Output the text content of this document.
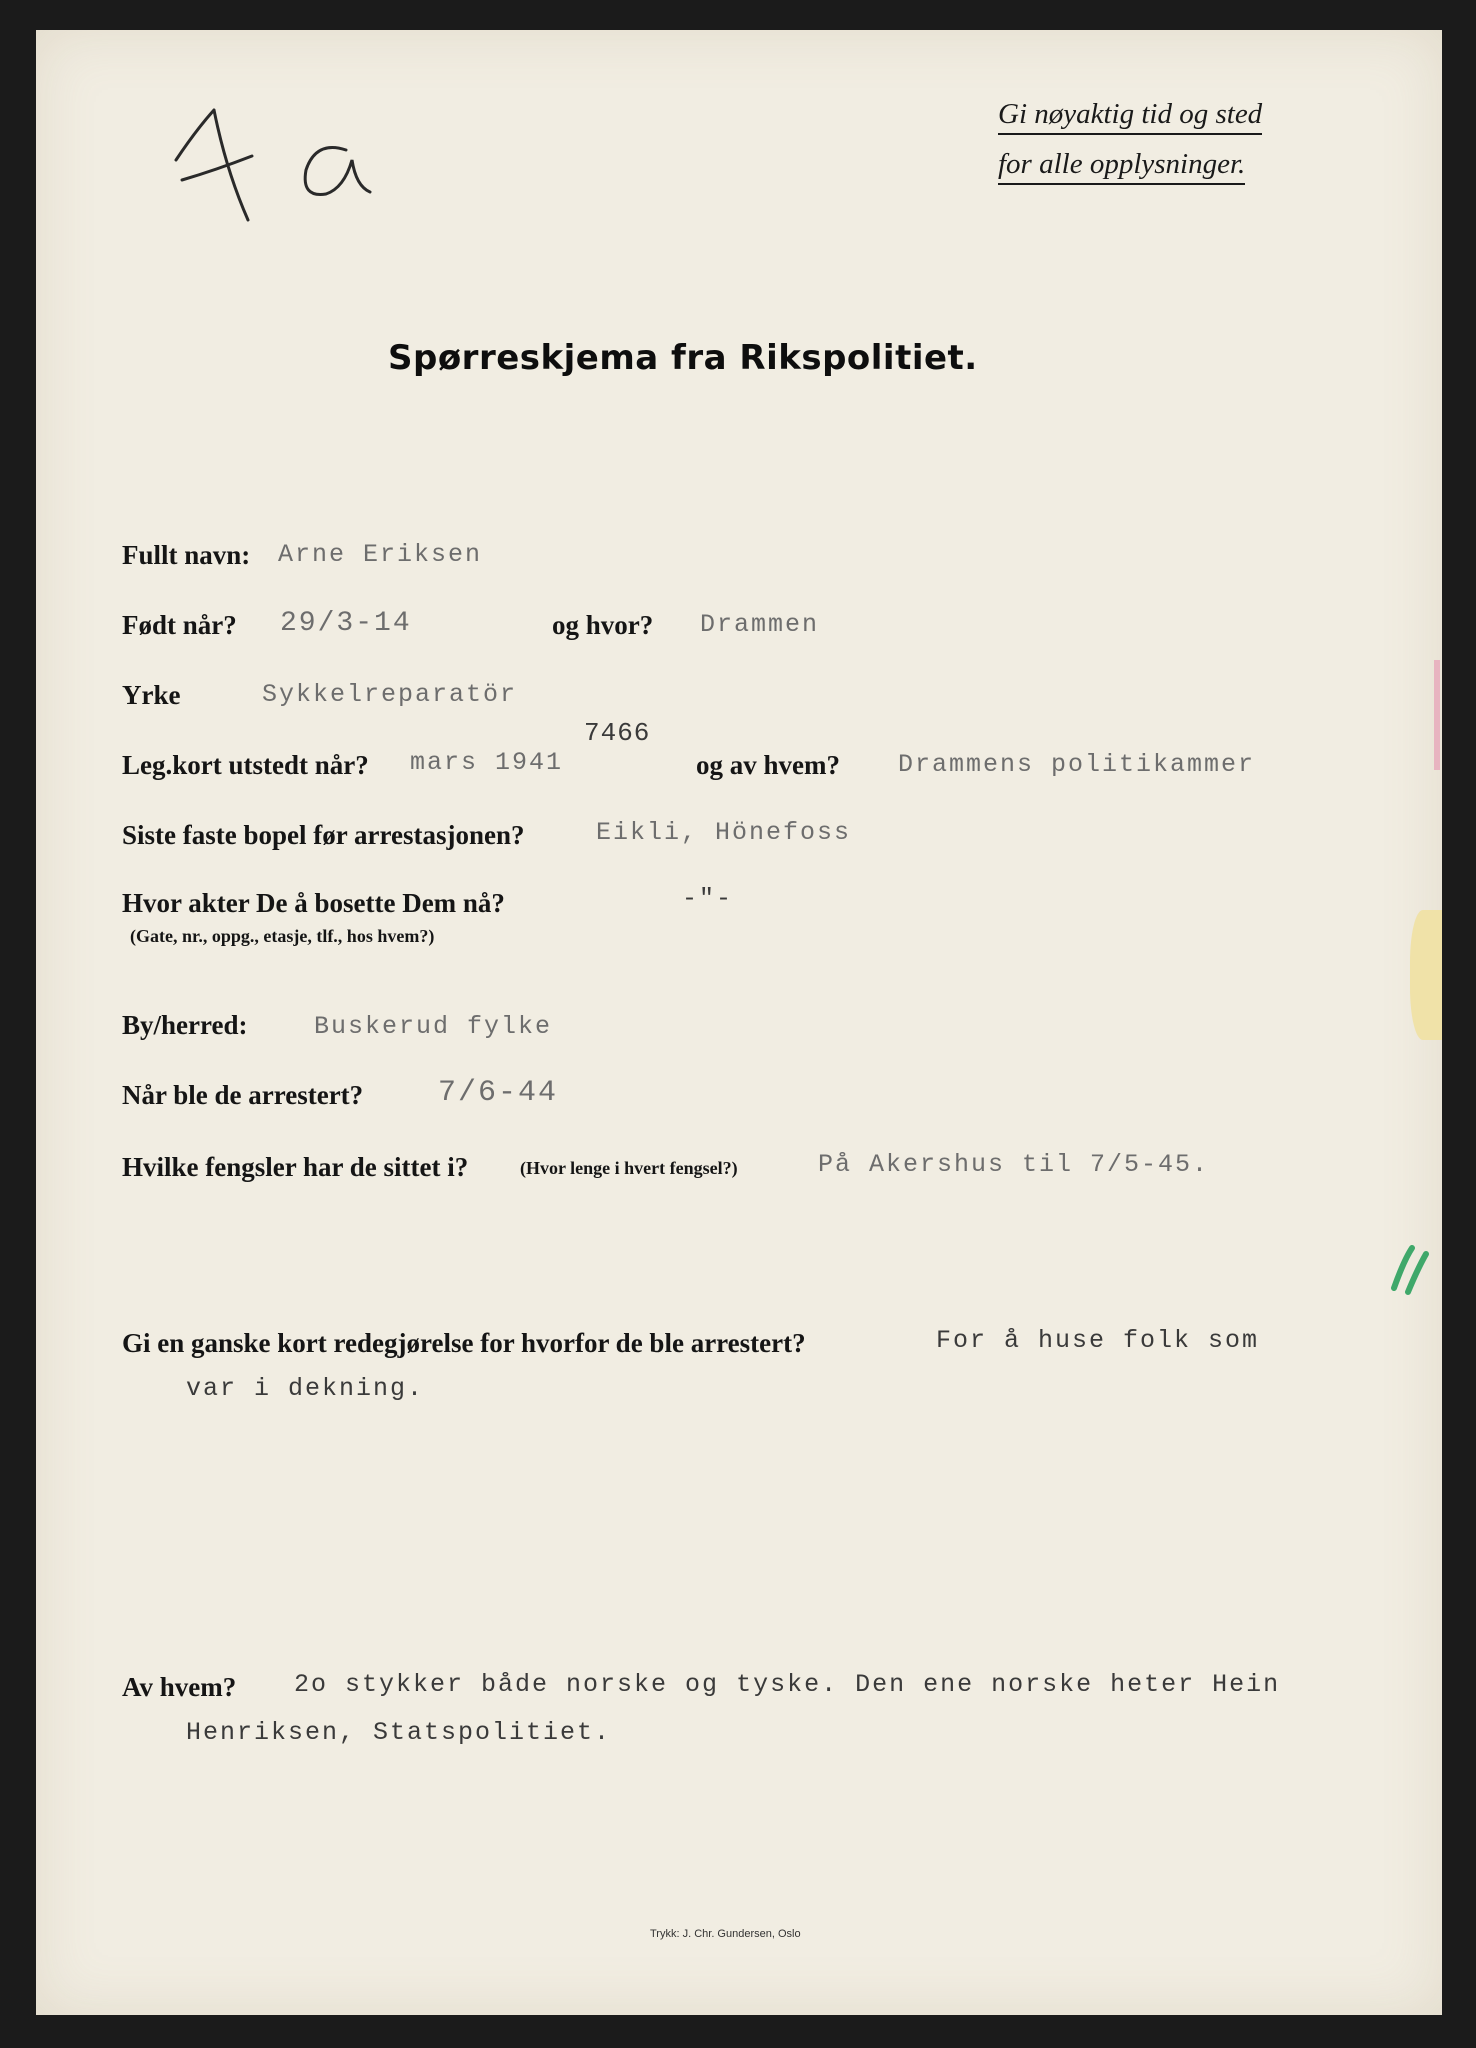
Gi nøyaktig tid og sted
for alle opplysninger.
Spørreskjema fra Rikspolitiet.
Fullt navn: Arne Eriksen
Født når? 29/3-14	og hvor? Drammen
Yrke	Sykkelreparatör
7466
Leg.kort utstedt når? mars 1941	og av hvem? Drammens politikammer
Siste faste bopel før arrestasjonen?	Eikli, Hönefoss
Hvor akter De å bosette Dem nå?
(Gate, nr., oppg., etasje, tlf., hos hvem?)
-"-
By/herred:	Buskerud fylke
Når ble de arrestert? 7/6-44
Hvilke fengsler har de sittet i?	(Hvor lenge i hvert fengsel?)	På Akershus til 7/5-45.
Gi en ganske kort redegjørelse for hvorfor de ble arrestert?	For å huse folk som
var i dekning.
Av hvem? 2o stykker både norske og tyske. Den ene norske heter Hein
Henriksen, Statspolitiet.
Trykk: J. Chr. Gundersen, Oslo
